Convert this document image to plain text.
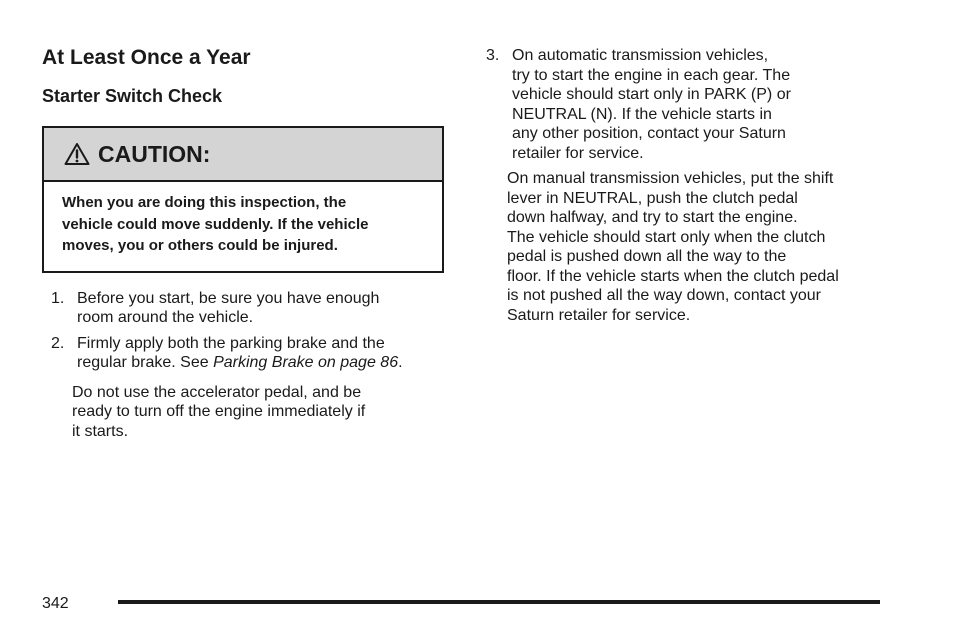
At Least Once a Year
Starter Switch Check
CAUTION:
When you are doing this inspection, the
vehicle could move suddenly. If the vehicle
moves, you or others could be injured.
1. Before you start, be sure you have enough
room around the vehicle.
2. Firmly apply both the parking brake and the
regular brake. See Parking Brake on page 86.
Do not use the accelerator pedal, and be
ready to turn off the engine immediately if
it starts.
3. On automatic transmission vehicles,
try to start the engine in each gear. The
vehicle should start only in PARK (P) or
NEUTRAL (N). If the vehicle starts in
any other position, contact your Saturn
retailer for service.
On manual transmission vehicles, put the shift
lever in NEUTRAL, push the clutch pedal
down halfway, and try to start the engine.
The vehicle should start only when the clutch
pedal is pushed down all the way to the
floor. If the vehicle starts when the clutch pedal
is not pushed all the way down, contact your
Saturn retailer for service.
342
